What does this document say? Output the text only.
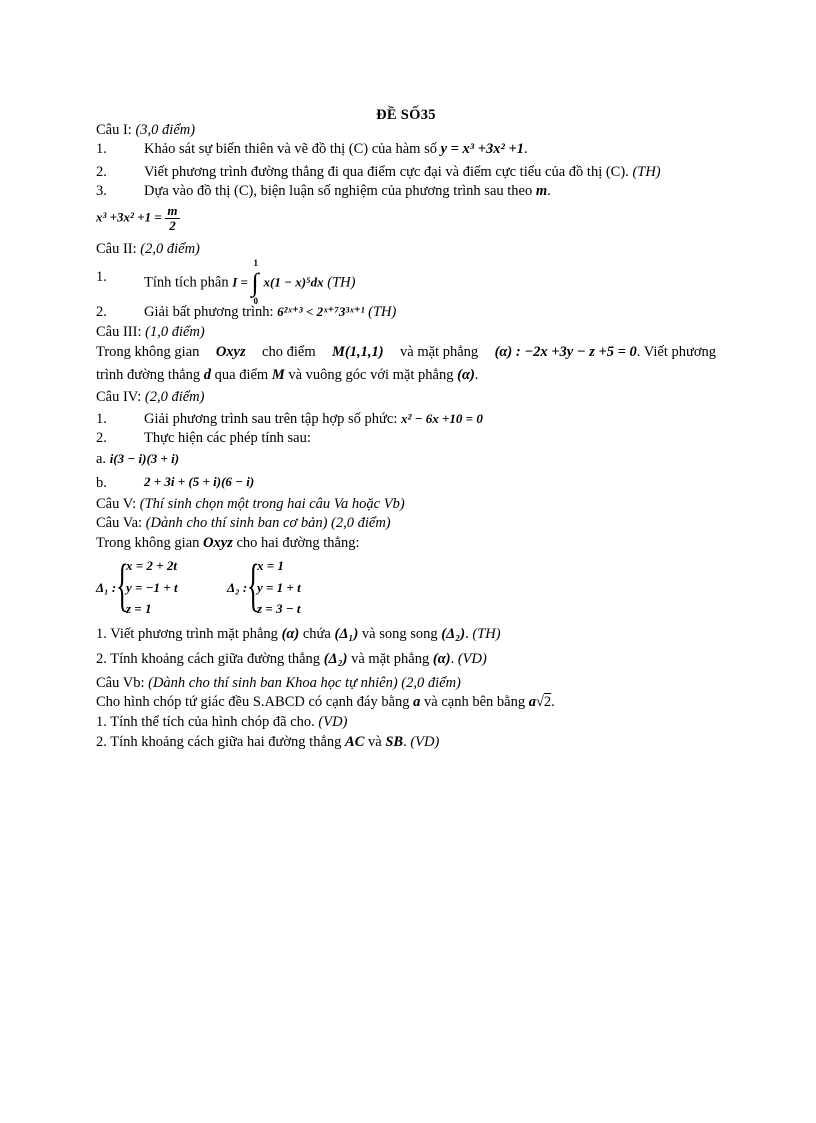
ĐỀ SỐ35
Câu I: (3,0 điểm)
1.	Khảo sát sự biến thiên và vẽ đồ thị (C) của hàm số y = x³ +3x² +1.
2.	Viết phương trình đường thẳng đi qua điểm cực đại và điểm cực tiểu của đồ thị (C). (TH)
3.	Dựa vào đồ thị (C), biện luận số nghiệm của phương trình sau theo m.
$x^3 +3x^2 +1 = \frac{m}{2}$
Câu II: (2,0 điểm)
1.	Tính tích phân I = ∫
1
0
x(1 − x)⁵dx (TH)
2.	Giải bất phương trình: 6²ˣ⁺³ < 2ˣ⁺⁷3³ˣ⁺¹ (TH)
Câu III: (1,0 điểm)
Trong không gian Oxyz cho điểm M(1,1,1) và mặt phẳng (α) : −2x +3y − z +5 = 0. Viết phương
trình đường thẳng d qua điểm M và vuông góc với mặt phẳng (α).
Câu IV: (2,0 điểm)
1.	Giải phương trình sau trên tập hợp số phức: x² − 6x +10 = 0
2.	Thực hiện các phép tính sau:
a. i(3 − i)(3 + i)
b.	2 + 3i + (5 + i)(6 − i)
Câu V: (Thí sinh chọn một trong hai câu Va hoặc Vb)
Câu Va: (Dành cho thí sinh ban cơ bản) (2,0 điểm)
Trong không gian Oxyz cho hai đường thẳng:
Δ₁ : {
x = 2 + 2t
y = −1 + t
z = 1
Δ₂ : {
x = 1
y = 1 + t
z = 3 − t
1. Viết phương trình mặt phẳng (α) chứa (Δ₁) và song song (Δ₂). (TH)
2. Tính khoảng cách giữa đường thẳng (Δ₂) và mặt phẳng (α). (VD)
Câu Vb: (Dành cho thí sinh ban Khoa học tự nhiên) (2,0 điểm)
Cho hình chóp tứ giác đều S.ABCD có cạnh đáy bằng a và cạnh bên bằng a√2.
1. Tính thể tích của hình chóp đã cho. (VD)
2. Tính khoảng cách giữa hai đường thẳng AC và SB. (VD)
